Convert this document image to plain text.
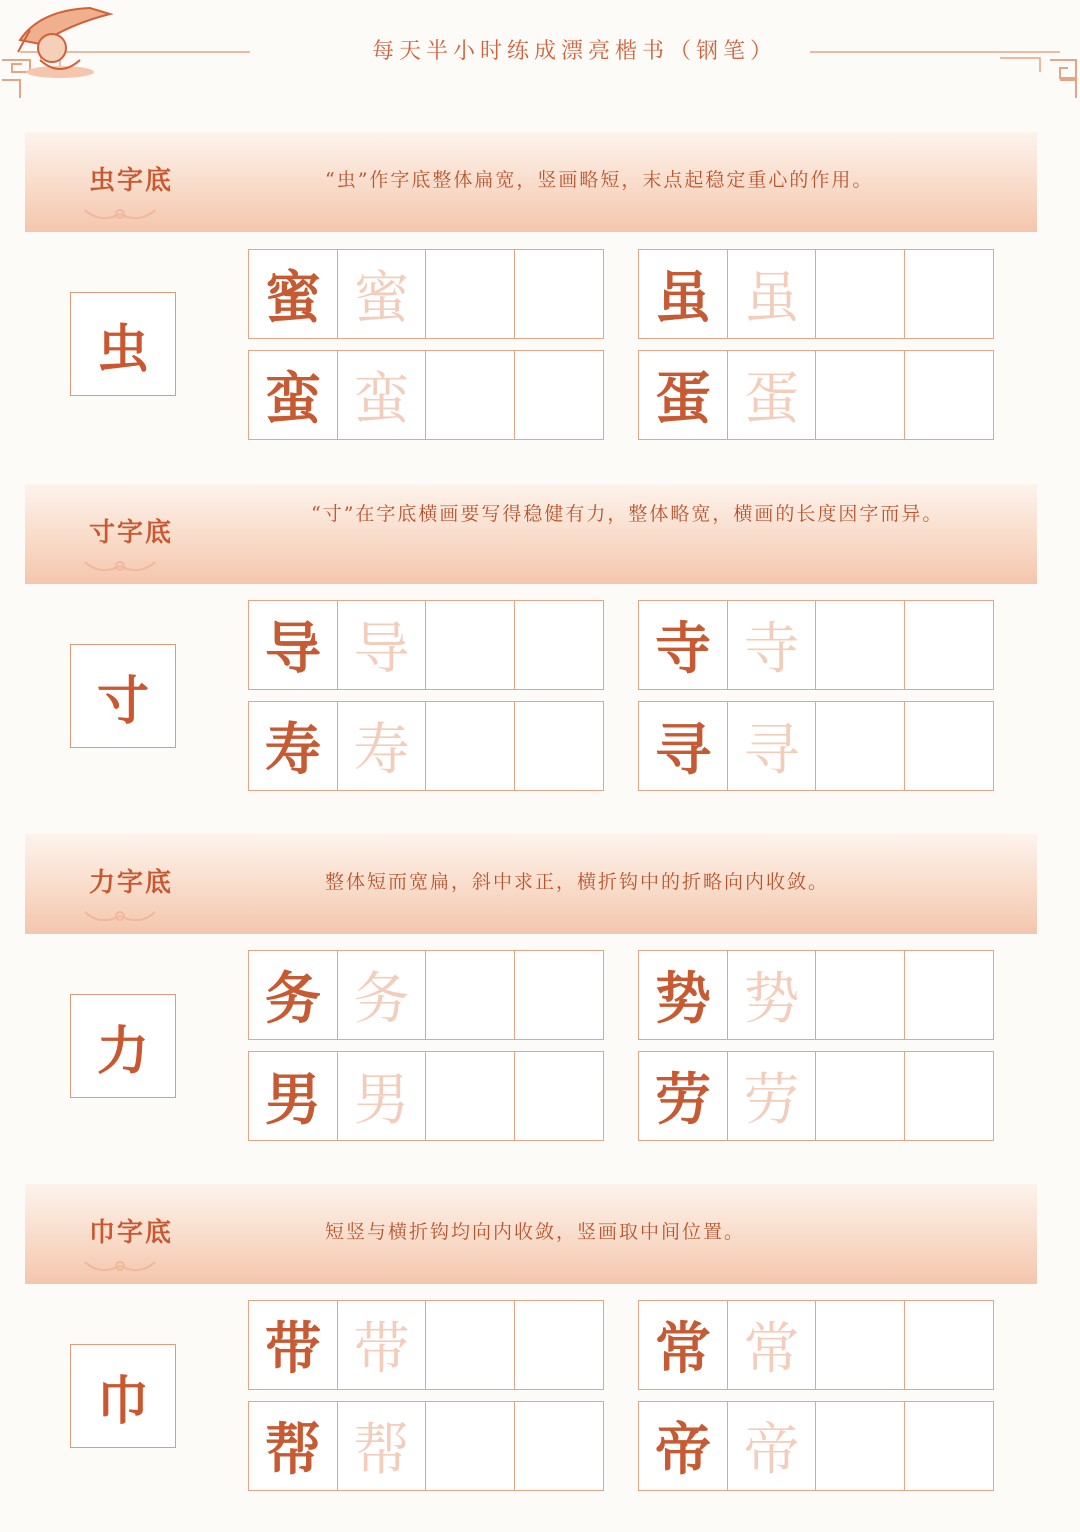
每天半小时练成漂亮楷书（钢笔）
虫字底	“虫”作字底整体扁宽，竖画略短，末点起稳定重心的作用。
虫
蜜 蜜
蛮 蛮
虽 虽
蛋 蛋
寸字底
“寸”在字底横画要写得稳健有力，整体略宽，横画的长度因字而异。
寸
导 导
寿 寿
寺 寺
寻 寻
力字底	整体短而宽扁，斜中求正，横折钩中的折略向内收敛。
力
务 务
男 男
势 势
劳 劳
巾字底	短竖与横折钩均向内收敛，竖画取中间位置。
巾
带 带
帮 帮
常 常
帝 帝
